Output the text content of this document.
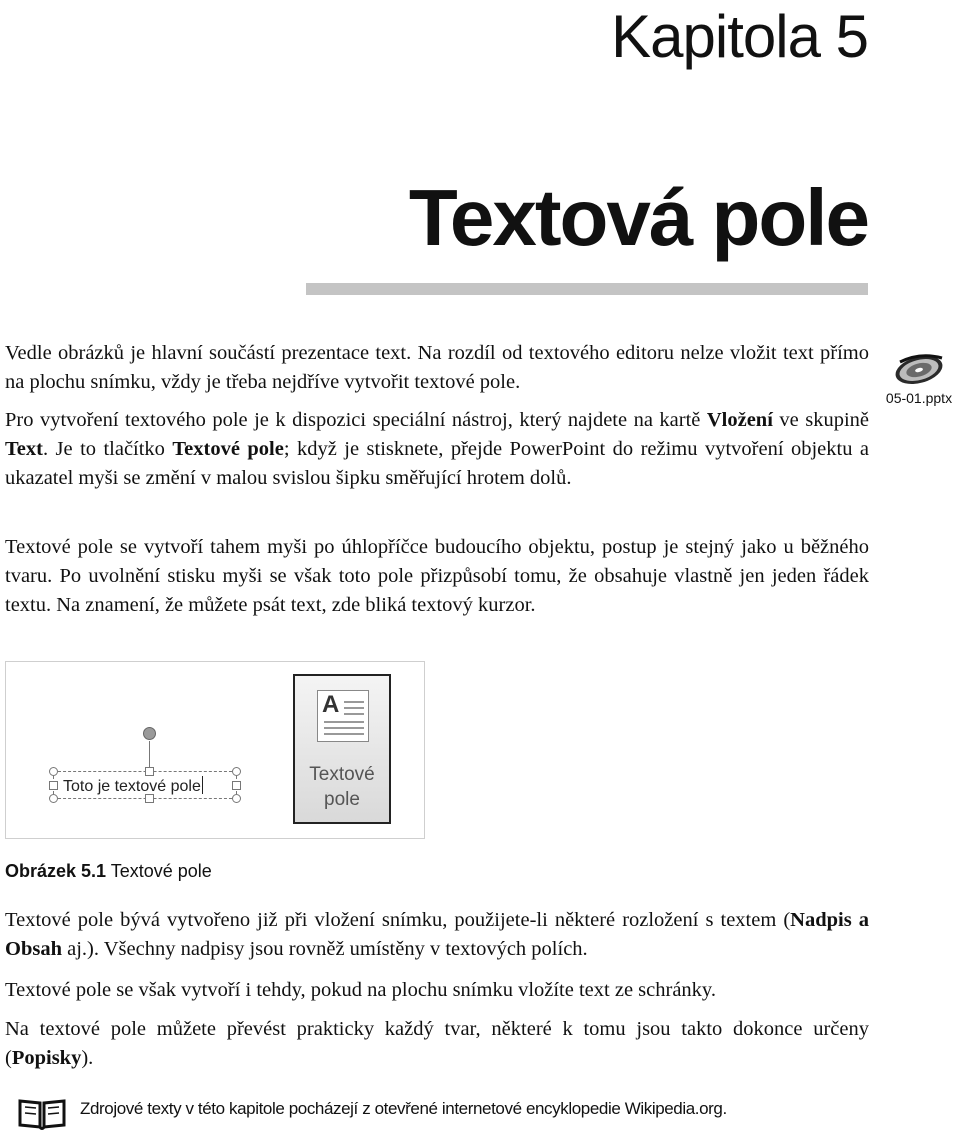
Kapitola 5
Textová pole

Vedle obrázků je hlavní součástí prezentace text. Na rozdíl od textového editoru nelze vložit text přímo na plochu snímku, vždy je třeba nejdříve vytvořit textové pole.

Pro vytvoření textového pole je k dispozici speciální nástroj, který najdete na kartě Vložení ve skupině Text. Je to tlačítko Textové pole; když je stisknete, přejde PowerPoint do režimu vytvoření objektu a ukazatel myši se změní v malou svislou šipku směřující hrotem dolů.

05-01.pptx

Textové pole se vytvoří tahem myši po úhlopříčce budoucího objektu, postup je stejný jako u běžného tvaru. Po uvolnění stisku myši se však toto pole přizpůsobí tomu, že obsahuje vlastně jen jeden řádek textu. Na znamení, že můžete psát text, zde bliká textový kurzor.

Toto je textové pole
A
Textové
pole

Obrázek 5.1 Textové pole

Textové pole bývá vytvořeno již při vložení snímku, použijete-li některé rozložení s textem (Nadpis a Obsah aj.). Všechny nadpisy jsou rovněž umístěny v textových polích.

Textové pole se však vytvoří i tehdy, pokud na plochu snímku vložíte text ze schránky.

Na textové pole můžete převést prakticky každý tvar, některé k tomu jsou takto dokonce určeny (Popisky).

Zdrojové texty v této kapitole pocházejí z otevřené internetové encyklopedie Wikipedia.org.
